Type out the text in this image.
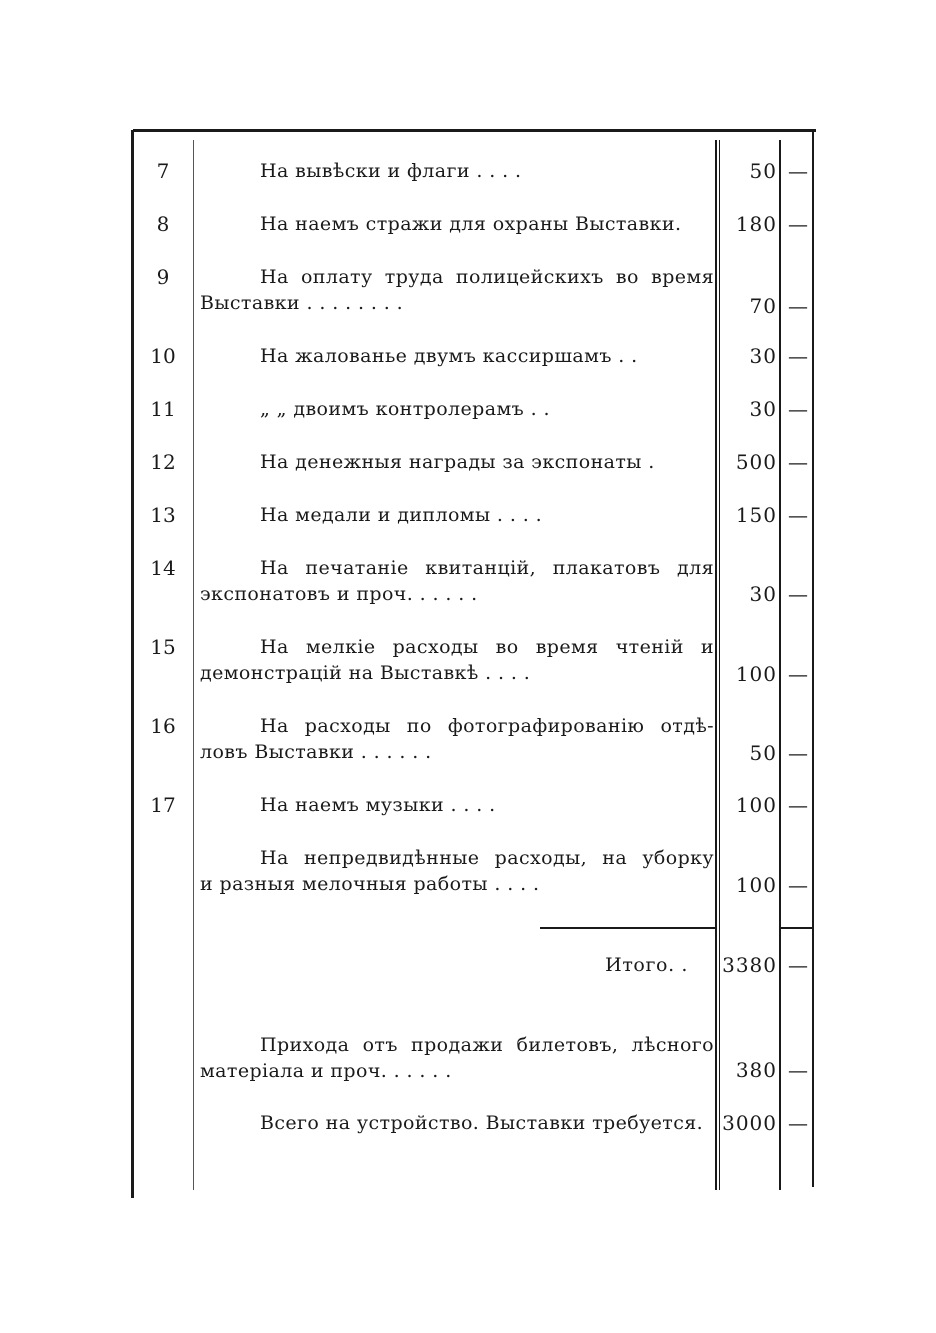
7	На вывѣски и флаги . . . .	50 —
8	На наемъ стражи для охраны Выставки.	180 —
9	На оплату труда полицейскихъ во время
Выставки . . . . . . . .	70 —
10	На жалованье двумъ кассиршамъ . .	30 —
11	„ „ двоимъ контролерамъ . .	30 —
12	На денежныя награды за экспонаты .	500 —
13	На медали и дипломы . . . .	150 —
14	На печатаніе квитанцій, плакатовъ для
экспонатовъ и проч. . . . . .	30 —
15	На мелкіе расходы во время чтеній и
демонстрацій на Выставкѣ . . . .	100 —
16	На расходы по фотографированію отдѣ-
ловъ Выставки . . . . . .	50 —
17	На наемъ музыки . . . .	100 —
На непредвидѣнные расходы, на уборку
и разныя мелочныя работы . . . .	100 —
Итого. .	3380 —
Прихода отъ продажи билетовъ, лѣсного
матеріала и проч. . . . . .	380 —
Всего на устройство. Выставки требуется. 3000 —
